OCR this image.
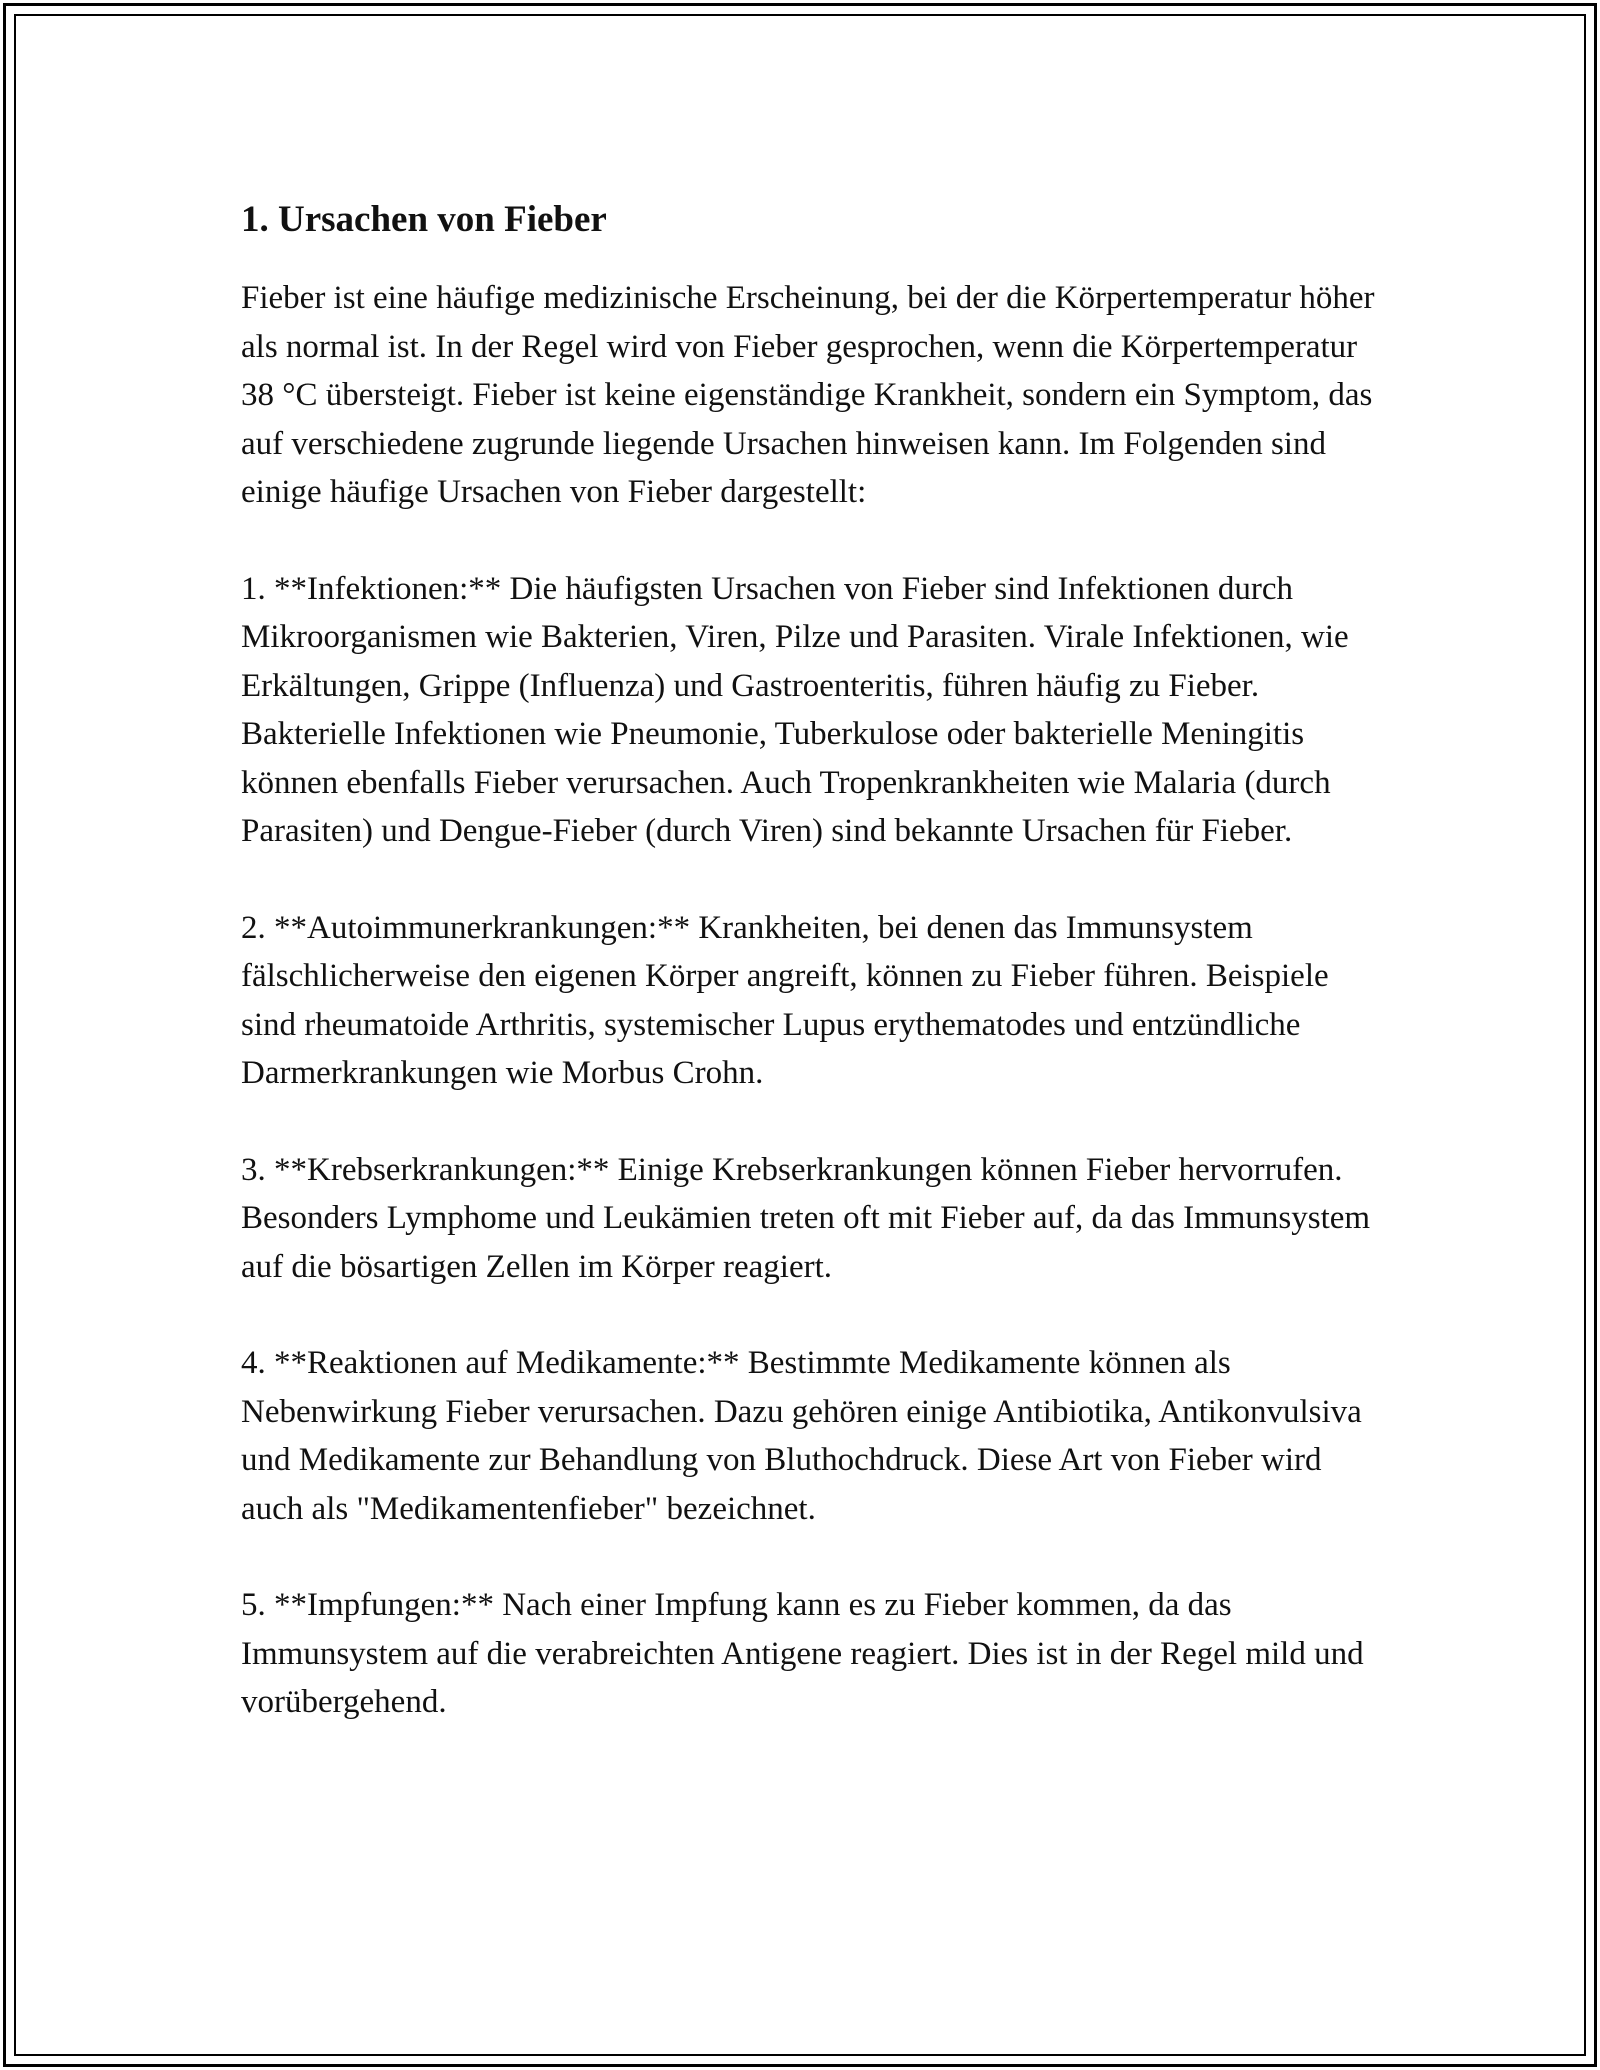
1. Ursachen von Fieber

Fieber ist eine häufige medizinische Erscheinung, bei der die Körpertemperatur höher als normal ist. In der Regel wird von Fieber gesprochen, wenn die Körpertemperatur 38 °C übersteigt. Fieber ist keine eigenständige Krankheit, sondern ein Symptom, das auf verschiedene zugrunde liegende Ursachen hinweisen kann. Im Folgenden sind einige häufige Ursachen von Fieber dargestellt:

1. **Infektionen:** Die häufigsten Ursachen von Fieber sind Infektionen durch Mikroorganismen wie Bakterien, Viren, Pilze und Parasiten. Virale Infektionen, wie Erkältungen, Grippe (Influenza) und Gastroenteritis, führen häufig zu Fieber. Bakterielle Infektionen wie Pneumonie, Tuberkulose oder bakterielle Meningitis können ebenfalls Fieber verursachen. Auch Tropenkrankheiten wie Malaria (durch Parasiten) und Dengue-Fieber (durch Viren) sind bekannte Ursachen für Fieber.

2. **Autoimmunerkrankungen:** Krankheiten, bei denen das Immunsystem fälschlicherweise den eigenen Körper angreift, können zu Fieber führen. Beispiele sind rheumatoide Arthritis, systemischer Lupus erythematodes und entzündliche Darmerkrankungen wie Morbus Crohn.

3. **Krebserkrankungen:** Einige Krebserkrankungen können Fieber hervorrufen. Besonders Lymphome und Leukämien treten oft mit Fieber auf, da das Immunsystem auf die bösartigen Zellen im Körper reagiert.

4. **Reaktionen auf Medikamente:** Bestimmte Medikamente können als Nebenwirkung Fieber verursachen. Dazu gehören einige Antibiotika, Antikonvulsiva und Medikamente zur Behandlung von Bluthochdruck. Diese Art von Fieber wird auch als "Medikamentenfieber" bezeichnet.

5. **Impfungen:** Nach einer Impfung kann es zu Fieber kommen, da das Immunsystem auf die verabreichten Antigene reagiert. Dies ist in der Regel mild und vorübergehend.
